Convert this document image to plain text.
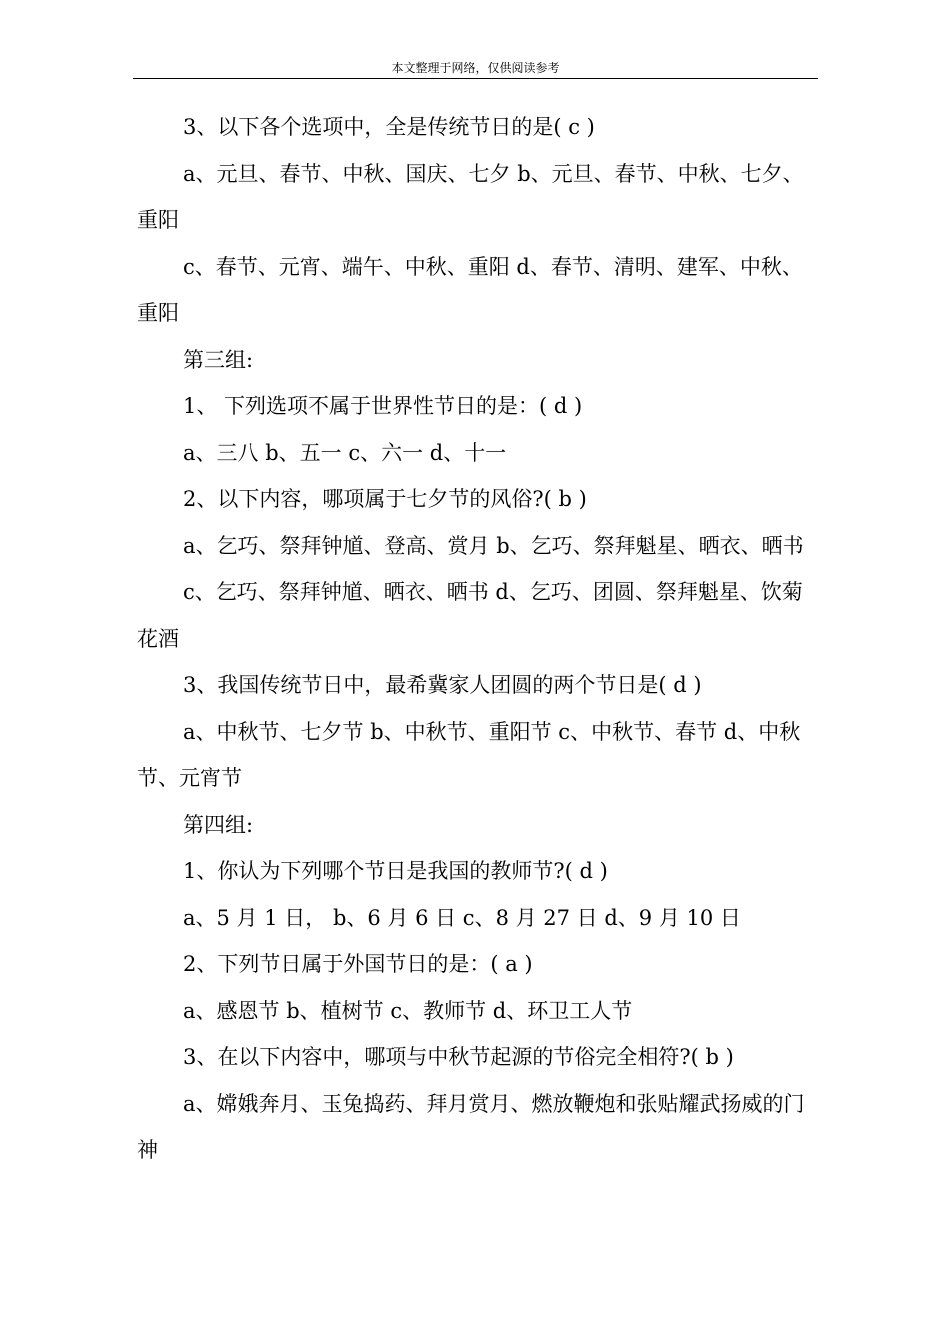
本文整理于网络，仅供阅读参考

3、以下各个选项中，全是传统节日的是( c )

a、元旦、春节、中秋、国庆、七夕 b、元旦、春节、中秋、七夕、重阳

c、春节、元宵、端午、中秋、重阳 d、春节、清明、建军、中秋、重阳

第三组:

1、 下列选项不属于世界性节日的是：( d )

a、三八 b、五一 c、六一 d、十一

2、以下内容，哪项属于七夕节的风俗?( b )

a、乞巧、祭拜钟馗、登高、赏月 b、乞巧、祭拜魁星、晒衣、晒书

c、乞巧、祭拜钟馗、晒衣、晒书 d、乞巧、团圆、祭拜魁星、饮菊花酒

3、我国传统节日中，最希冀家人团圆的两个节日是( d )

a、中秋节、七夕节 b、中秋节、重阳节 c、中秋节、春节 d、中秋节、元宵节

第四组:

1、你认为下列哪个节日是我国的教师节?( d )

a、5 月 1 日， b、6 月 6 日 c、8 月 27 日 d、9 月 10 日

2、下列节日属于外国节日的是：( a )

a、感恩节 b、植树节 c、教师节 d、环卫工人节

3、在以下内容中，哪项与中秋节起源的节俗完全相符?( b )

a、嫦娥奔月、玉兔捣药、拜月赏月、燃放鞭炮和张贴耀武扬威的门神
